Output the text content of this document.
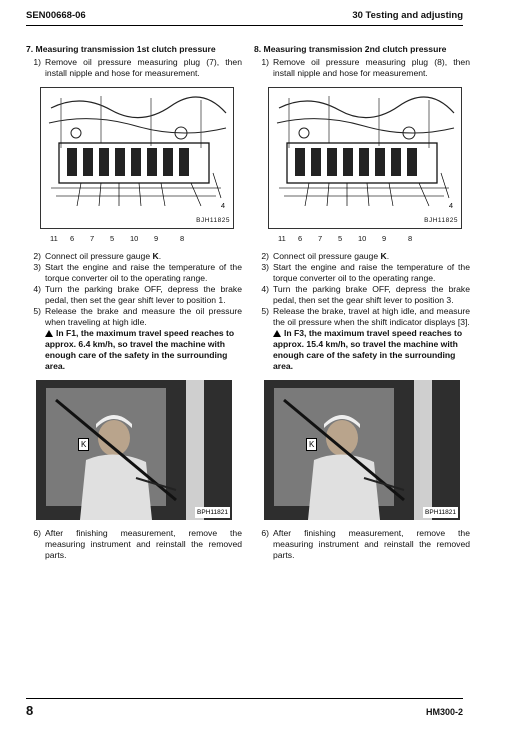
SEN00668-06	30 Testing and adjusting
7. Measuring transmission 1st clutch pressure
1) Remove oil pressure measuring plug (7), then install nipple and hose for measurement.
BJH11825
4
11 6 7 5 10 9	8
2) Connect oil pressure gauge K.
3) Start the engine and raise the temperature of the torque converter oil to the operating range.
4) Turn the parking brake OFF, depress the brake pedal, then set the gear shift lever to position 1.
5) Release the brake and measure the oil pressure when traveling at high idle.
In F1, the maximum travel speed reaches to approx. 6.4 km/h, so travel the machine with enough care of the safety in the surrounding area.
K
BPH11821
6) After finishing measurement, remove the measuring instrument and reinstall the removed parts.
8. Measuring transmission 2nd clutch pressure
1) Remove oil pressure measuring plug (8), then install nipple and hose for measurement.
BJH11825
4
11 6 7 5 10 9	8
2) Connect oil pressure gauge K.
3) Start the engine and raise the temperature of the torque converter oil to the operating range.
4) Turn the parking brake OFF, depress the brake pedal, then set the gear shift lever to position 3.
5) Release the brake, travel at high idle, and measure the oil pressure when the shift indicator displays [3].
In F3, the maximum travel speed reaches to approx. 15.4 km/h, so travel the machine with enough care of the safety in the surrounding area.
K
BPH11821
6) After finishing measurement, remove the measuring instrument and reinstall the removed parts.
8	HM300-2
